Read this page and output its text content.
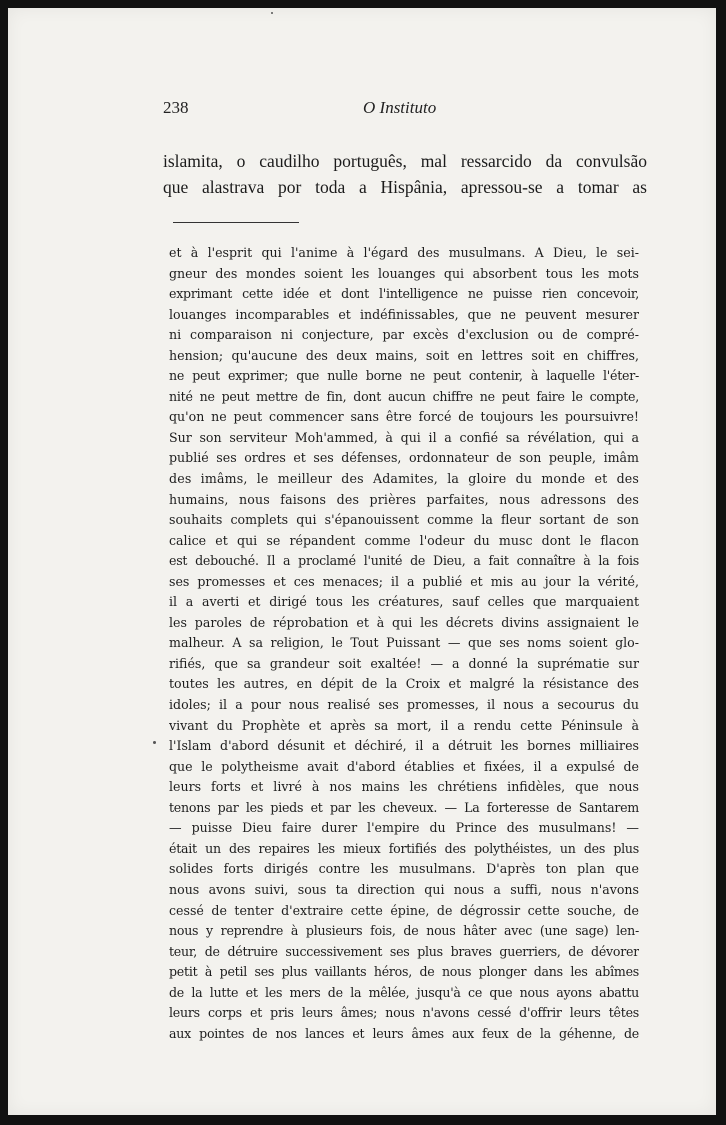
238	O Instituto
islamita, o caudilho português, mal ressarcido da convulsão
que alastrava por toda a Hispânia, apressou-se a tomar as
et à l'esprit qui l'anime à l'égard des musulmans. A Dieu, le sei-
gneur des mondes soient les louanges qui absorbent tous les mots
exprimant cette idée et dont l'intelligence ne puisse rien concevoir,
louanges incomparables et indéfinissables, que ne peuvent mesurer
ni comparaison ni conjecture, par excès d'exclusion ou de compré-
hension; qu'aucune des deux mains, soit en lettres soit en chiffres,
ne peut exprimer; que nulle borne ne peut contenir, à laquelle l'éter-
nité ne peut mettre de fin, dont aucun chiffre ne peut faire le compte,
qu'on ne peut commencer sans être forcé de toujours les poursuivre!
Sur son serviteur Moh'ammed, à qui il a confié sa révélation, qui a
publié ses ordres et ses défenses, ordonnateur de son peuple, imâm
des imâms, le meilleur des Adamites, la gloire du monde et des
humains, nous faisons des prières parfaites, nous adressons des
souhaits complets qui s'épanouissent comme la fleur sortant de son
calice et qui se répandent comme l'odeur du musc dont le flacon
est debouché. Il a proclamé l'unité de Dieu, a fait connaître à la fois
ses promesses et ces menaces; il a publié et mis au jour la vérité,
il a averti et dirigé tous les créatures, sauf celles que marquaient
les paroles de réprobation et à qui les décrets divins assignaient le
malheur. A sa religion, le Tout Puissant — que ses noms soient glo-
rifiés, que sa grandeur soit exaltée! — a donné la suprématie sur
toutes les autres, en dépit de la Croix et malgré la résistance des
idoles; il a pour nous realisé ses promesses, il nous a secourus du
vivant du Prophète et après sa mort, il a rendu cette Péninsule à
l'Islam d'abord désunit et déchiré, il a détruit les bornes milliaires
que le polytheisme avait d'abord établies et fixées, il a expulsé de
leurs forts et livré à nos mains les chrétiens infidèles, que nous
tenons par les pieds et par les cheveux. — La forteresse de Santarem
— puisse Dieu faire durer l'empire du Prince des musulmans! —
était un des repaires les mieux fortifiés des polythéistes, un des plus
solides forts dirigés contre les musulmans. D'après ton plan que
nous avons suivi, sous ta direction qui nous a suffi, nous n'avons
cessé de tenter d'extraire cette épine, de dégrossir cette souche, de
nous y reprendre à plusieurs fois, de nous hâter avec (une sage) len-
teur, de détruire successivement ses plus braves guerriers, de dévorer
petit à petil ses plus vaillants héros, de nous plonger dans les abîmes
de la lutte et les mers de la mêlée, jusqu'à ce que nous ayons abattu
leurs corps et pris leurs âmes; nous n'avons cessé d'offrir leurs têtes
aux pointes de nos lances et leurs âmes aux feux de la géhenne, de
